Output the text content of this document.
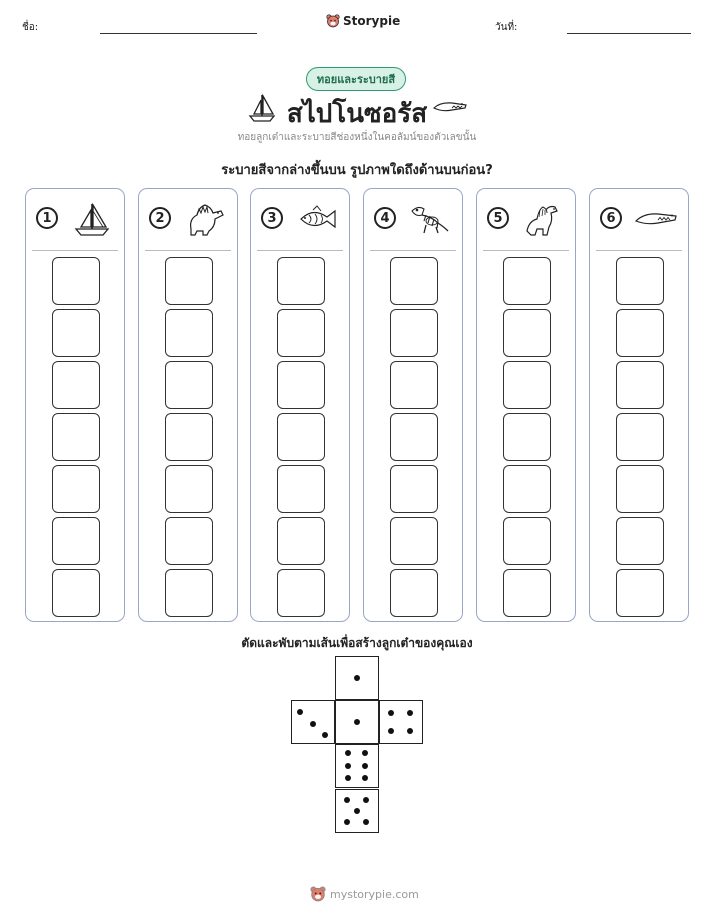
ชื่อ:	Storypie	วันที่:
ทอยและระบายสี
สไปโนซอรัส
ทอยลูกเต๋าและระบายสีช่องหนึ่งในคอลัมน์ของตัวเลขนั้น
ระบายสีจากล่างขึ้นบน รูปภาพใดถึงด้านบนก่อน?
1	2	3	4	5	6
ตัดและพับตามเส้นเพื่อสร้างลูกเต๋าของคุณเอง
mystorypie.com
